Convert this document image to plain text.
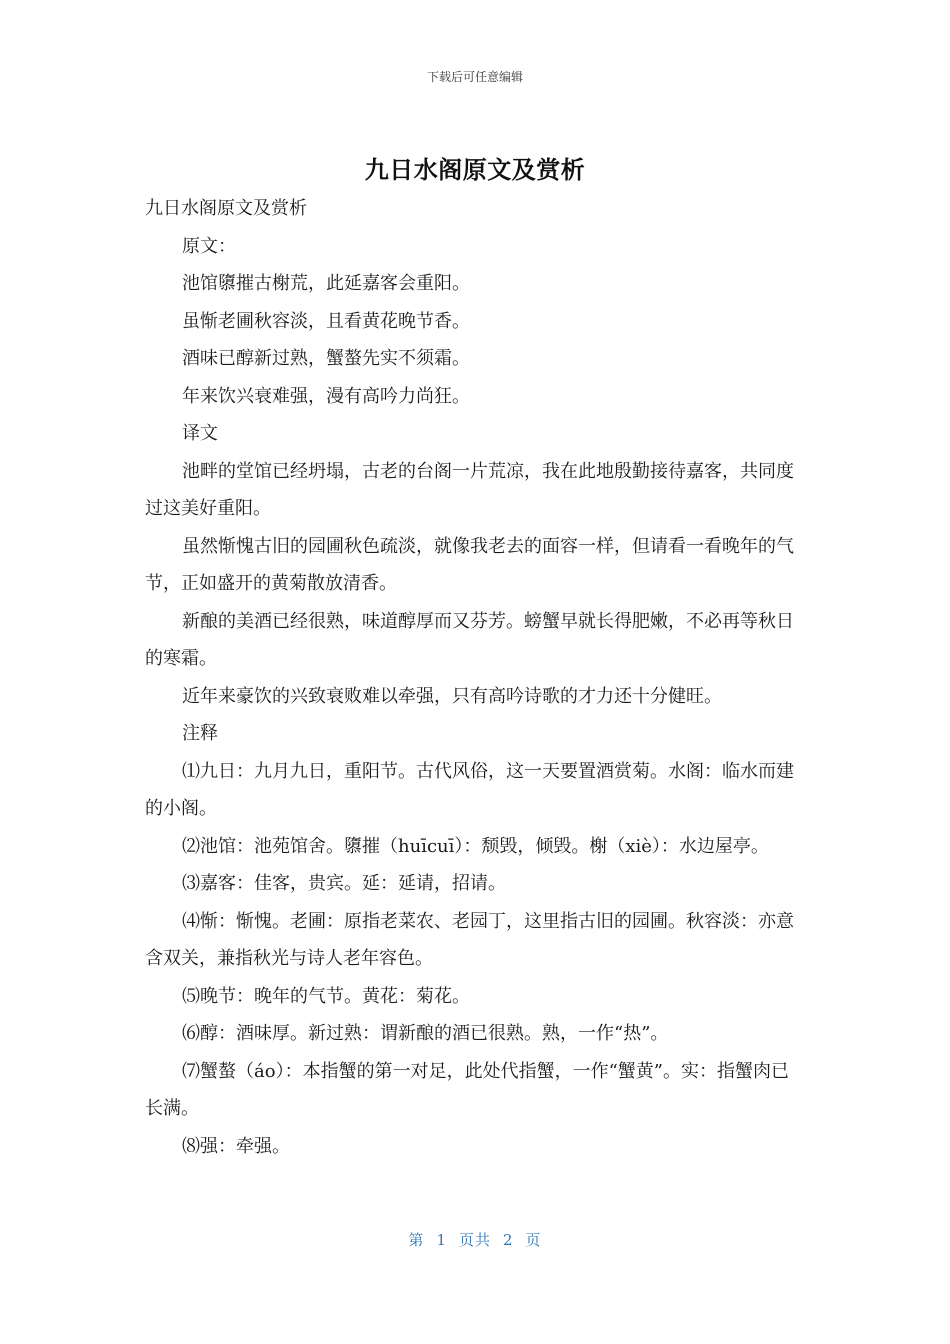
下载后可任意编辑
九日水阁原文及赏析

九日水阁原文及赏析

原文：

池馆隳摧古榭荒，此延嘉客会重阳。

虽惭老圃秋容淡，且看黄花晚节香。

酒味已醇新过熟，蟹螯先实不须霜。

年来饮兴衰难强，漫有高吟力尚狂。

译文

池畔的堂馆已经坍塌，古老的台阁一片荒凉，我在此地殷勤接待嘉客，共同度过这美好重阳。

虽然惭愧古旧的园圃秋色疏淡，就像我老去的面容一样，但请看一看晚年的气节，正如盛开的黄菊散放清香。

新酿的美酒已经很熟，味道醇厚而又芬芳。螃蟹早就长得肥嫩，不必再等秋日的寒霜。

近年来豪饮的兴致衰败难以牵强，只有高吟诗歌的才力还十分健旺。

注释

⑴九日：九月九日，重阳节。古代风俗，这一天要置酒赏菊。水阁：临水而建的小阁。

⑵池馆：池苑馆舍。隳摧（huīcuī）：颓毁，倾毁。榭（xiè）：水边屋亭。

⑶嘉客：佳客，贵宾。延：延请，招请。

⑷惭：惭愧。老圃：原指老菜农、老园丁，这里指古旧的园圃。秋容淡：亦意含双关，兼指秋光与诗人老年容色。

⑸晚节：晚年的气节。黄花：菊花。

⑹醇：酒味厚。新过熟：谓新酿的酒已很熟。熟，一作“热”。

⑺蟹螯（áo）：本指蟹的第一对足，此处代指蟹，一作“蟹黄”。实：指蟹肉已长满。

⑻强：牵强。

第 1 页共 2 页
